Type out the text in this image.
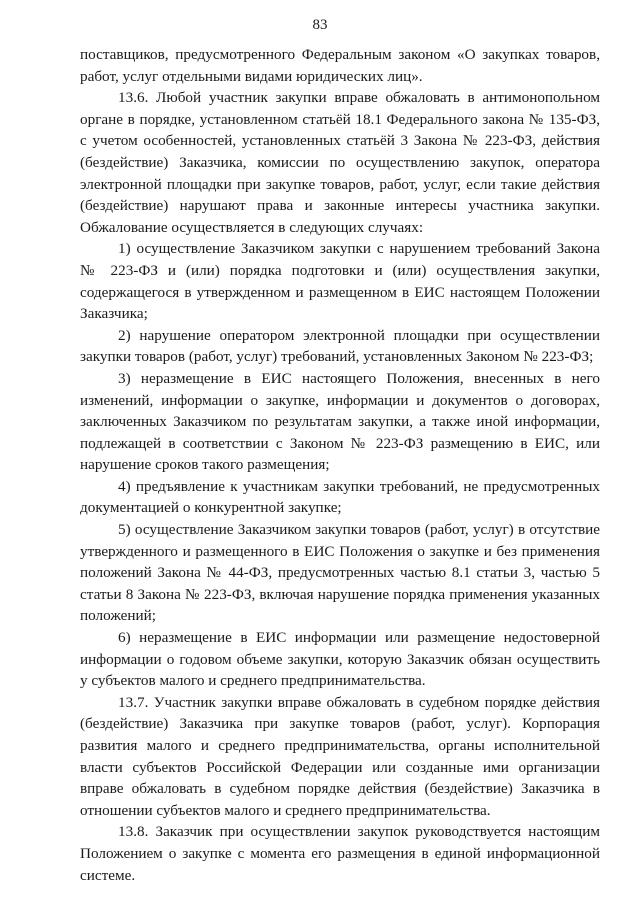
83

поставщиков, предусмотренного Федеральным законом «О закупках товаров, работ, услуг отдельными видами юридических лиц».

13.6. Любой участник закупки вправе обжаловать в антимонопольном органе в порядке, установленном статьёй 18.1 Федерального закона № 135-ФЗ, с учетом особенностей, установленных статьёй 3 Закона № 223-ФЗ, действия (бездействие) Заказчика, комиссии по осуществлению закупок, оператора электронной площадки при закупке товаров, работ, услуг, если такие действия (бездействие) нарушают права и законные интересы участника закупки. Обжалование осуществляется в следующих случаях:

1) осуществление Заказчиком закупки с нарушением требований Закона № 223-ФЗ и (или) порядка подготовки и (или) осуществления закупки, содержащегося в утвержденном и размещенном в ЕИС настоящем Положении Заказчика;

2) нарушение оператором электронной площадки при осуществлении закупки товаров (работ, услуг) требований, установленных Законом № 223-ФЗ;

3) неразмещение в ЕИС настоящего Положения, внесенных в него изменений, информации о закупке, информации и документов о договорах, заключенных Заказчиком по результатам закупки, а также иной информации, подлежащей в соответствии с Законом № 223-ФЗ размещению в ЕИС, или нарушение сроков такого размещения;

4) предъявление к участникам закупки требований, не предусмотренных документацией о конкурентной закупке;

5) осуществление Заказчиком закупки товаров (работ, услуг) в отсутствие утвержденного и размещенного в ЕИС Положения о закупке и без применения положений Закона № 44-ФЗ, предусмотренных частью 8.1 статьи 3, частью 5 статьи 8 Закона № 223-ФЗ, включая нарушение порядка применения указанных положений;

6) неразмещение в ЕИС информации или размещение недостоверной информации о годовом объеме закупки, которую Заказчик обязан осуществить у субъектов малого и среднего предпринимательства.

13.7. Участник закупки вправе обжаловать в судебном порядке действия (бездействие) Заказчика при закупке товаров (работ, услуг). Корпорация развития малого и среднего предпринимательства, органы исполнительной власти субъектов Российской Федерации или созданные ими организации вправе обжаловать в судебном порядке действия (бездействие) Заказчика в отношении субъектов малого и среднего предпринимательства.

13.8. Заказчик при осуществлении закупок руководствуется настоящим Положением о закупке с момента его размещения в единой информационной системе.
